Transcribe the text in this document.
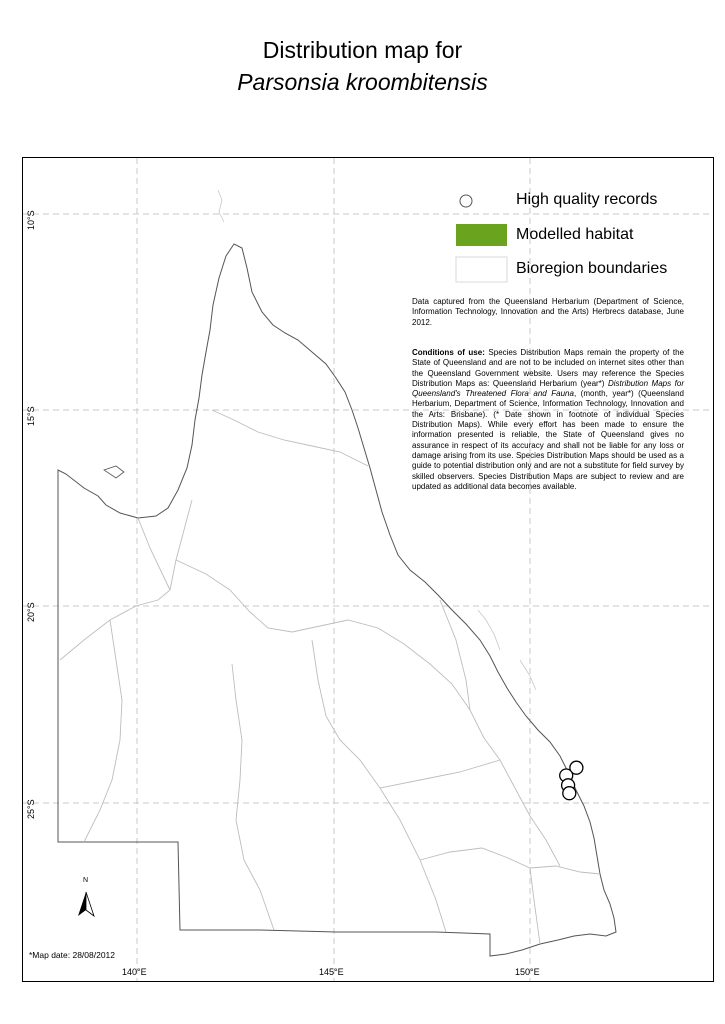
Distribution map for
Parsonsia kroombitensis
10°S
15°S
20°S
25°S
140°E	145°E	150°E
High quality records
Modelled habitat
Bioregion boundaries
Data captured from the Queensland Herbarium (Department of Science, Information Technology, Innovation and the Arts) Herbrecs database, June 2012.
Conditions of use: Species Distribution Maps remain the property of the State of Queensland and are not to be included on internet sites other than the Queensland Government website. Users may reference the Species Distribution Maps as: Queensland Herbarium (year*) Distribution Maps for Queensland's Threatened Flora and Fauna, (month, year*) (Queensland Herbarium, Department of Science, Information Technology, Innovation and the Arts: Brisbane). (* Date shown in footnote of individual Species Distribution Maps). While every effort has been made to ensure the information presented is reliable, the State of Queensland gives no assurance in respect of its accuracy and shall not be liable for any loss or damage arising from its use. Species Distribution Maps should be used as a guide to potential distribution only and are not a substitute for field survey by skilled observers. Species Distribution Maps are subject to review and are updated as additional data becomes available.
N
*Map date: 28/08/2012
